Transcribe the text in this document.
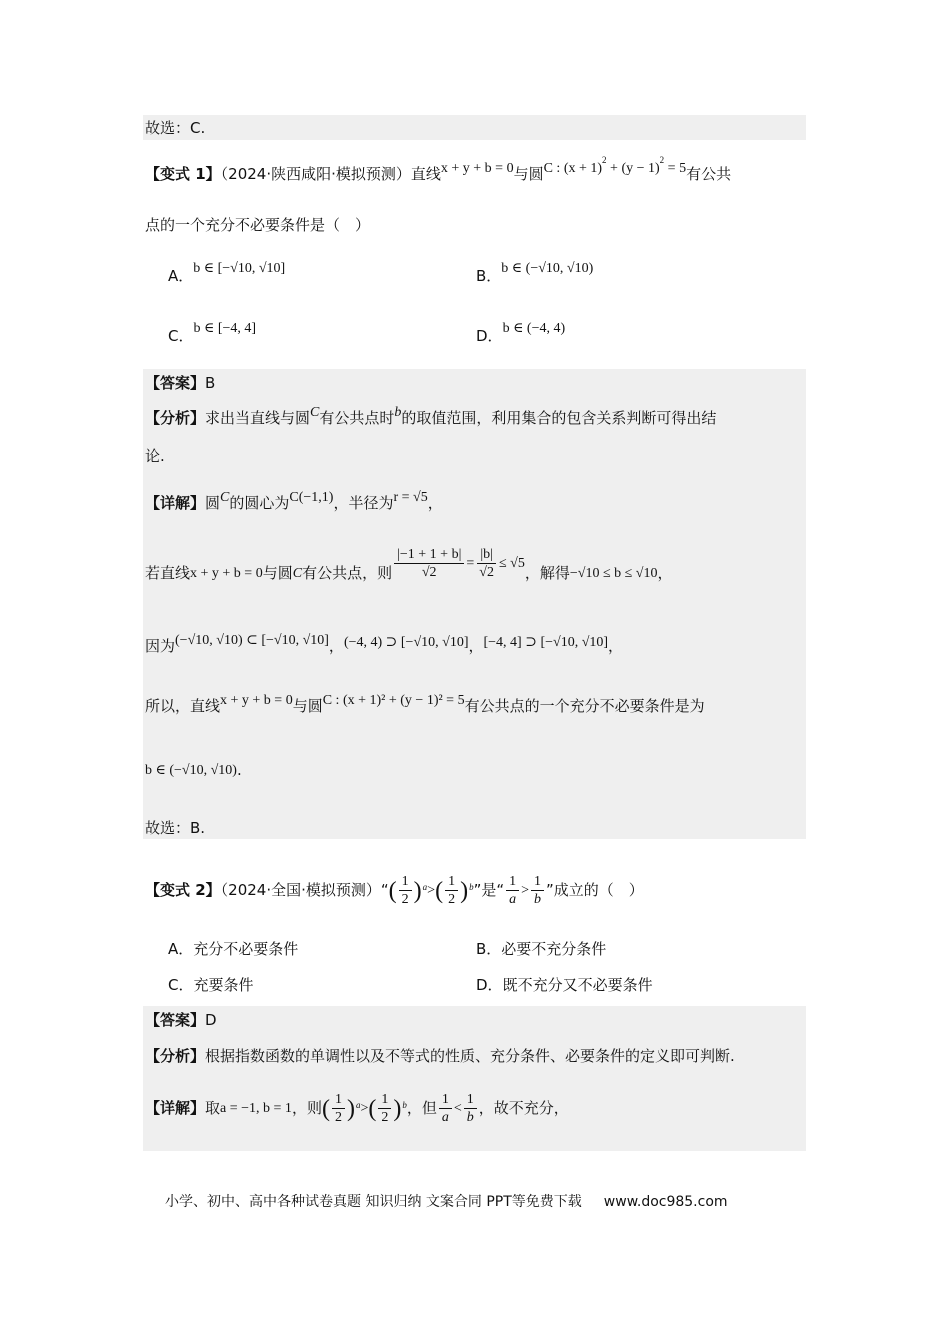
故选：C.
【变式 1】（2024·陕西咸阳·模拟预测）直线x + y + b = 0与圆C : $(x + 1)^2 + (y - 1)^2 = 5$有公共
点的一个充分不必要条件是（　）
A．b ∈ [−√10, √10]	B．b ∈ (−√10, √10)
C．b ∈ [−4, 4]	D．b ∈ (−4, 4)
【答案】B
【分析】求出当直线与圆C有公共点时b的取值范围，利用集合的包含关系判断可得出结
论.
【详解】圆C的圆心为C(−1,1)，半径为r = √5，
若直线x + y + b = 0与圆C有公共点，则 $\frac{|-1 + 1 + b|}{√2} = \frac{|b|}{√2} \le √5$，解得−√10 ≤ b ≤ √10，
因为(−√10, √10) ⊂ [−√10, √10]，(−4, 4) ⊃ [−√10, √10]，[−4, 4] ⊃ [−√10, √10]，
所以，直线x + y + b = 0与圆C : (x + 1)² + (y − 1)² = 5有公共点的一个充分不必要条件是为
b ∈ (−√10, √10).
故选：B.
【变式 2】（2024·全国·模拟预测）“ ( $\frac{1}{2}$ ) a > ( $\frac{1}{2}$ ) b ”是“ $\frac{1}{a} > \frac{1}{b}$ ”成立的（　）
A．充分不必要条件	B．必要不充分条件
C．充要条件	D．既不充分又不必要条件
【答案】D
【分析】根据指数函数的单调性以及不等式的性质、充分条件、必要条件的定义即可判断.
【详解】取a = −1, b = 1，则 ( $\frac{1}{2}$ ) a > ( $\frac{1}{2}$ ) b ，但 $\frac{1}{a} < \frac{1}{b}$ ，故不充分，
小学、初中、高中各种试卷真题 知识归纳 文案合同 PPT等免费下载 www.doc985.com
